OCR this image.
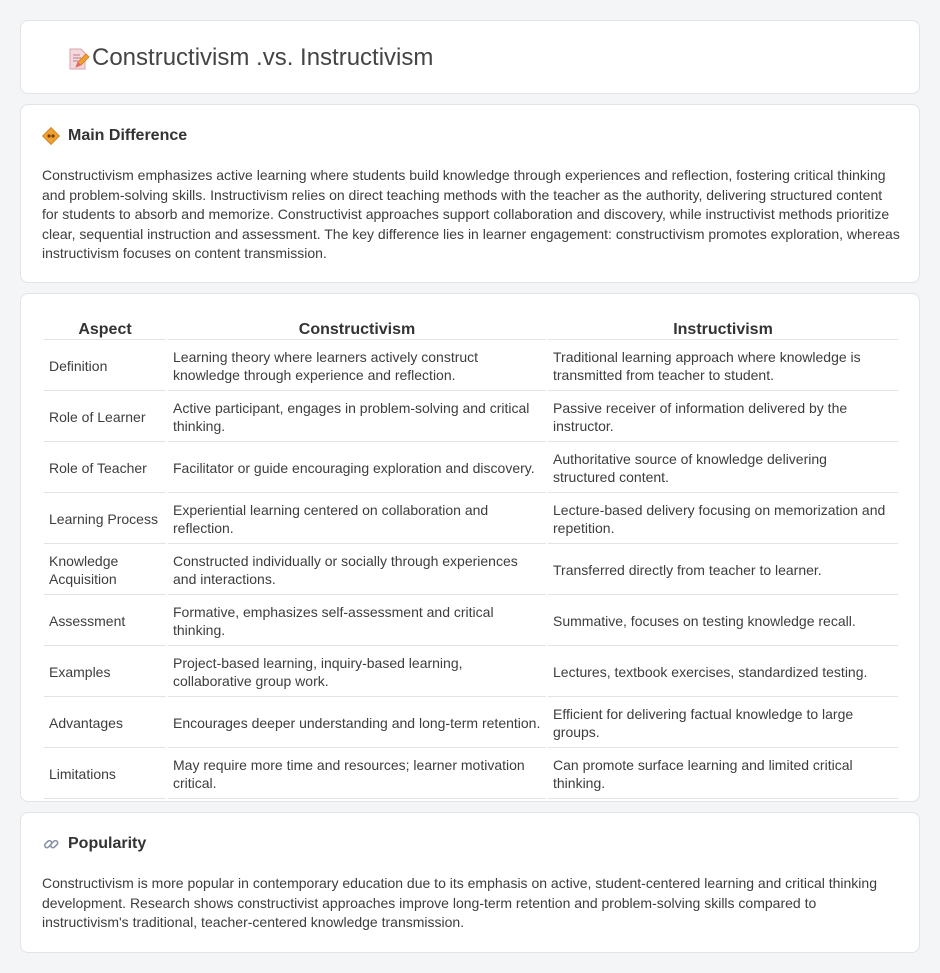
Constructivism .vs. Instructivism
Main Difference

Constructivism emphasizes active learning where students build knowledge through experiences and reflection, fostering critical thinking and problem-solving skills. Instructivism relies on direct teaching methods with the teacher as the authority, delivering structured content for students to absorb and memorize. Constructivist approaches support collaboration and discovery, while instructivist methods prioritize clear, sequential instruction and assessment. The key difference lies in learner engagement: constructivism promotes exploration, whereas instructivism focuses on content transmission.

Aspect	Constructivism	Instructivism
Definition	Learning theory where learners actively construct knowledge through experience and reflection.	Traditional learning approach where knowledge is transmitted from teacher to student.
Role of Learner	Active participant, engages in problem-solving and critical thinking.	Passive receiver of information delivered by the instructor.
Role of Teacher	Facilitator or guide encouraging exploration and discovery.	Authoritative source of knowledge delivering structured content.
Learning Process	Experiential learning centered on collaboration and reflection.	Lecture-based delivery focusing on memorization and repetition.
Knowledge Acquisition	Constructed individually or socially through experiences and interactions.	Transferred directly from teacher to learner.
Assessment	Formative, emphasizes self-assessment and critical thinking.	Summative, focuses on testing knowledge recall.
Examples	Project-based learning, inquiry-based learning, collaborative group work.	Lectures, textbook exercises, standardized testing.
Advantages	Encourages deeper understanding and long-term retention.	Efficient for delivering factual knowledge to large groups.
Limitations	May require more time and resources; learner motivation critical.	Can promote surface learning and limited critical thinking.
Popularity

Constructivism is more popular in contemporary education due to its emphasis on active, student-centered learning and critical thinking development. Research shows constructivist approaches improve long-term retention and problem-solving skills compared to instructivism's traditional, teacher-centered knowledge transmission.
